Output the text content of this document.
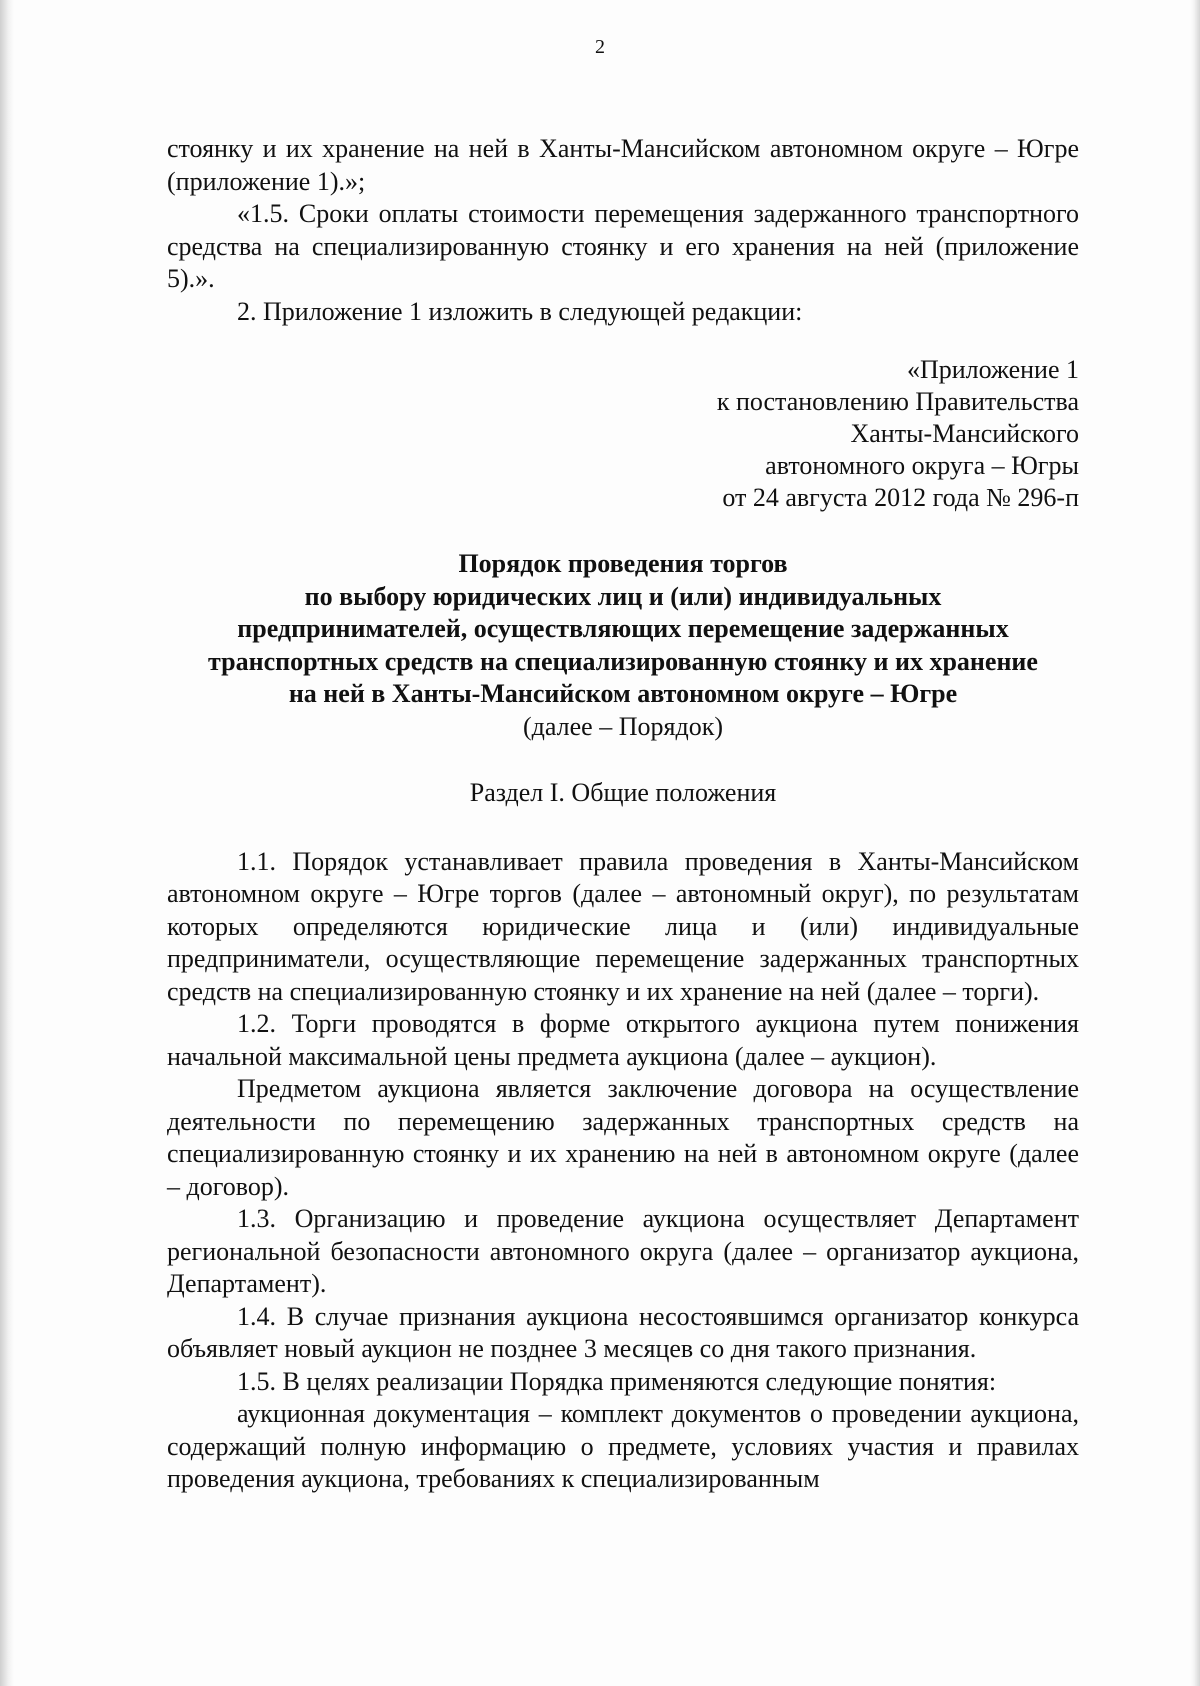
2

стоянку и их хранение на ней в Ханты-Мансийском автономном округе – Югре (приложение 1).»;

«1.5. Сроки оплаты стоимости перемещения задержанного транспортного средства на специализированную стоянку и его хранения на ней (приложение 5).».

2. Приложение 1 изложить в следующей редакции:

«Приложение 1
к постановлению Правительства
Ханты-Мансийского
автономного округа – Югры
от 24 августа 2012 года № 296-п
Порядок проведения торгов
по выбору юридических лиц и (или) индивидуальных
предпринимателей, осуществляющих перемещение задержанных
транспортных средств на специализированную стоянку и их хранение
на ней в Ханты-Мансийском автономном округе – Югре
(далее – Порядок)
Раздел I. Общие положения

1.1. Порядок устанавливает правила проведения в Ханты-Мансийском автономном округе – Югре торгов (далее – автономный округ), по результатам которых определяются юридические лица и (или) индивидуальные предприниматели, осуществляющие перемещение задержанных транспортных средств на специализированную стоянку и их хранение на ней (далее – торги).

1.2. Торги проводятся в форме открытого аукциона путем понижения начальной максимальной цены предмета аукциона (далее – аукцион).

Предметом аукциона является заключение договора на осуществление деятельности по перемещению задержанных транспортных средств на специализированную стоянку и их хранению на ней в автономном округе (далее – договор).

1.3. Организацию и проведение аукциона осуществляет Департамент региональной безопасности автономного округа (далее – организатор аукциона, Департамент).

1.4. В случае признания аукциона несостоявшимся организатор конкурса объявляет новый аукцион не позднее 3 месяцев со дня такого признания.

1.5. В целях реализации Порядка применяются следующие понятия:

аукционная документация – комплект документов о проведении аукциона, содержащий полную информацию о предмете, условиях участия и правилах проведения аукциона, требованиях к специализированным
